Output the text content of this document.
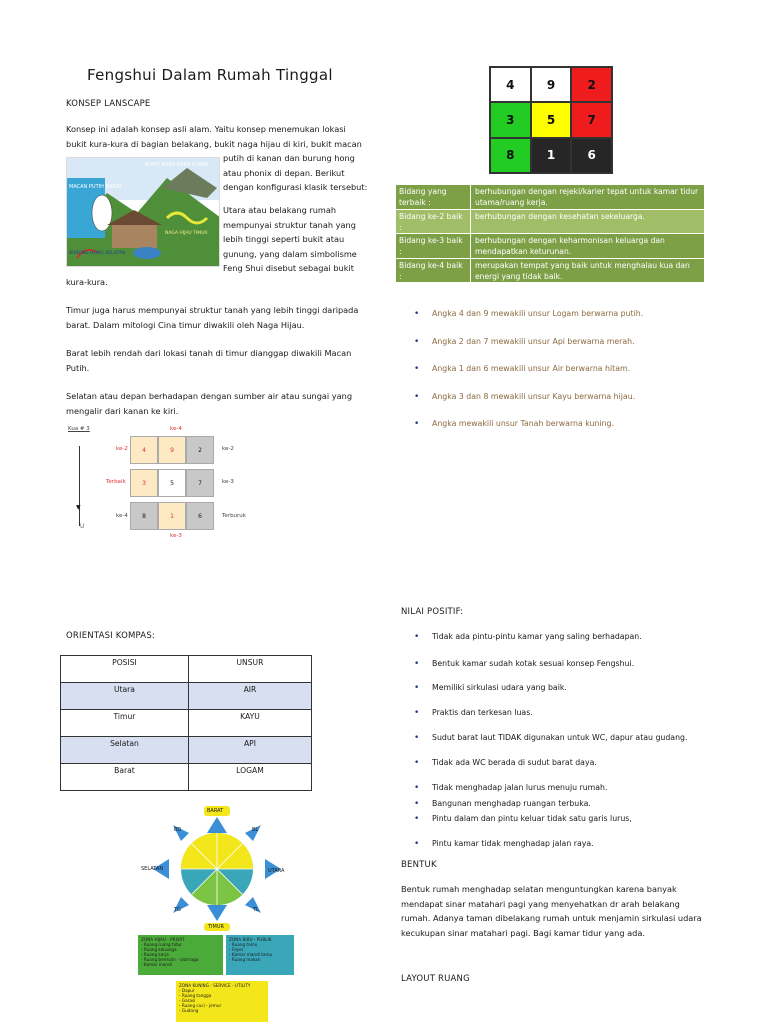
Fengshui Dalam Rumah Tinggal
KONSEP LANSCAPE
Konsep ini adalah konsep asli alam. Yaitu konsep menemukan lokasi
bukit kura-kura di bagian belakang, bukit naga hijau di kiri, bukit macan
putih di kanan dan burung hong
atau phonix di depan. Berikut
dengan konfigurasi klasik tersebut:
Utara atau belakang rumah
mempunyai struktur tanah yang
lebih tinggi seperti bukit atau
gunung, yang dalam simbolisme
Feng Shui disebut sebagai bukit
kura-kura.
BUKIT KURA-KURA UTARA
MACAN PUTIH BARAT
NAGA HIJAU TIMUR
BURUNG HONG SELATAN
Timur juga harus mempunyai struktur tanah yang lebih tinggi daripada
barat. Dalam mitologi Cina timur diwakili oleh Naga Hijau.
Barat lebih rendah dari lokasi tanah di timur dianggap diwakili Macan
Putih.
Selatan atau depan berhadapan dengan sumber air atau sungai yang
mengalir dari kanan ke kiri.
Kua # 3	ke-4
ke-3
▼
U
ke-2
Terbaik
ke-4
ke-2
ke-3
Terburuk
4	9	2
3	5	7
8	1	6
4	9	2
3	5	7
8	1	6
Bidang yang terbaik :
berhubungan dengan rejeki/karier tepat untuk kamar tidur utama/ruang kerja.
Bidang ke-2 baik :
berhubungan dengan kesehatan sekeluarga.
Bidang ke-3 baik :
berhubungan dengan keharmonisan keluarga dan mendapatkan keturunan.
Bidang ke-4 baik :
merupakan tempat yang baik untuk menghalau kua dan energi yang tidak baik.
• Angka 4 dan 9 mewakili unsur Logam berwarna putih.
• Angka 2 dan 7 mewakili unsur Api berwarna merah.
• Angka 1 dan 6 mewakili unsur Air berwarna hitam.
• Angka 3 dan 8 mewakili unsur Kayu berwarna hijau.
• Angka mewakili unsur Tanah berwarna kuning.
ORIENTASI KOMPAS:
POSISI	UNSUR
Utara	AIR
Timur	KAYU
Selatan	API
Barat	LOGAM
BARAT
TIMUR
UTARA
SELATAN
BD	BL
TG	TL
ZONA HIJAU - PRIVAT
- Ruang ruang tidur
- Ruang keluarga
- Ruang kerja
- Ruang bermain - olahraga
- Kamar mandi
ZONA BIRU - PUBLIK
- Ruang tamu
- Foyer
- Kamar mandi tamu
- Ruang makan
ZONA KUNING - SERVICE - UTILITY
- Dapur
- Ruang tangga
- Garasi
- Ruang cuci - jemur
- Gudang
NILAI POSITIF:
• Tidak ada pintu-pintu kamar yang saling berhadapan.
• Bentuk kamar sudah kotak sesuai konsep Fengshui.
• Memiliki sirkulasi udara yang baik.
• Praktis dan terkesan luas.
• Sudut barat laut TIDAK digunakan untuk WC, dapur atau gudang.
• Tidak ada WC berada di sudut barat daya.
• Tidak menghadap jalan lurus menuju rumah.
• Bangunan menghadap ruangan terbuka.
• Pintu dalam dan pintu keluar tidak satu garis lurus,
• Pintu kamar tidak menghadap jalan raya.
BENTUK
Bentuk rumah menghadap selatan menguntungkan karena banyak
mendapat sinar matahari pagi yang menyehatkan dr arah belakang
rumah. Adanya taman dibelakang rumah untuk menjamin sirkulasi udara
kecukupan sinar matahari pagi. Bagi kamar tidur yang ada.
LAYOUT RUANG
